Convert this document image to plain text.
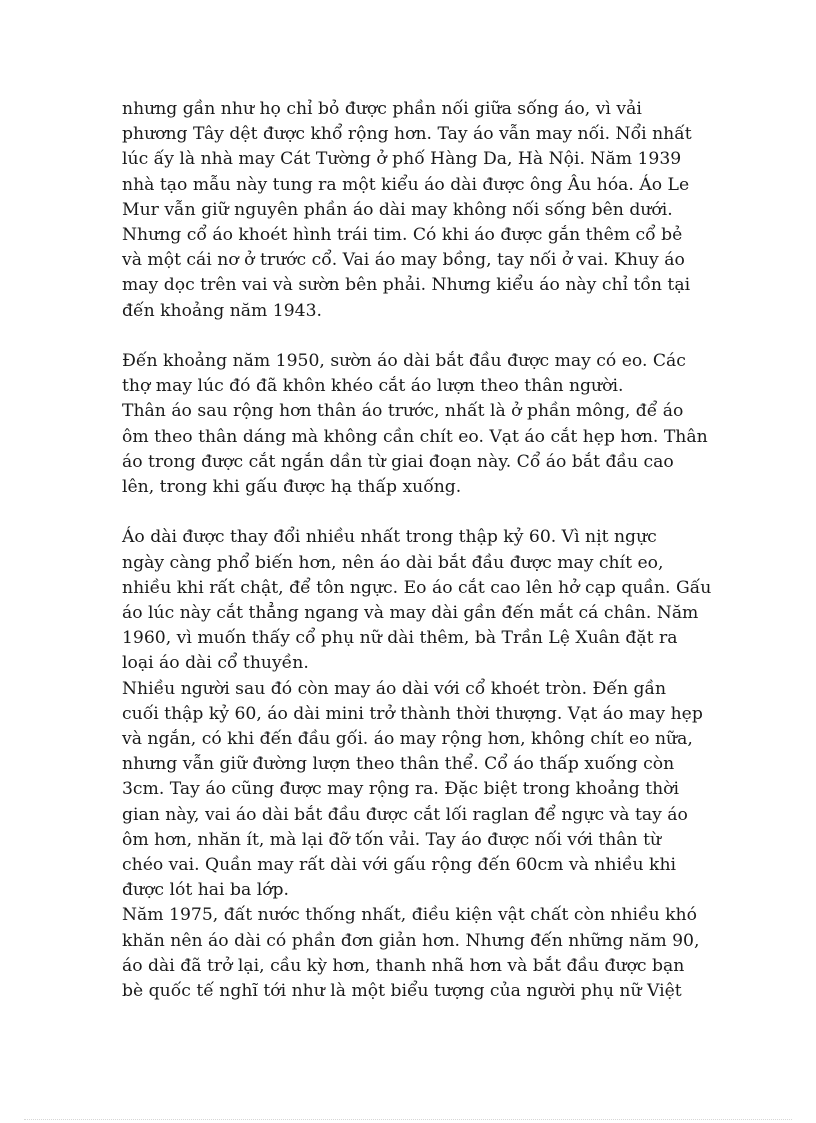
nhưng gần như họ chỉ bỏ được phần nối giữa sống áo, vì vải
phương Tây dệt được khổ rộng hơn. Tay áo vẫn may nối. Nổi nhất
lúc ấy là nhà may Cát Tường ở phố Hàng Da, Hà Nội. Năm 1939
nhà tạo mẫu này tung ra một kiểu áo dài được ông Âu hóa. Áo Le
Mur vẫn giữ nguyên phần áo dài may không nối sống bên dưới.
Nhưng cổ áo khoét hình trái tim. Có khi áo được gắn thêm cổ bẻ
và một cái nơ ở trước cổ. Vai áo may bồng, tay nối ở vai. Khuy áo
may dọc trên vai và sườn bên phải. Nhưng kiểu áo này chỉ tồn tại
đến khoảng năm 1943.

Đến khoảng năm 1950, sườn áo dài bắt đầu được may có eo. Các
thợ may lúc đó đã khôn khéo cắt áo lượn theo thân người.
Thân áo sau rộng hơn thân áo trước, nhất là ở phần mông, để áo
ôm theo thân dáng mà không cần chít eo. Vạt áo cắt hẹp hơn. Thân
áo trong được cắt ngắn dần từ giai đoạn này. Cổ áo bắt đầu cao
lên, trong khi gấu được hạ thấp xuống.

Áo dài được thay đổi nhiều nhất trong thập kỷ 60. Vì nịt ngực
ngày càng phổ biến hơn, nên áo dài bắt đầu được may chít eo,
nhiều khi rất chật, để tôn ngực. Eo áo cắt cao lên hở cạp quần. Gấu
áo lúc này cắt thẳng ngang và may dài gần đến mắt cá chân. Năm
1960, vì muốn thấy cổ phụ nữ dài thêm, bà Trần Lệ Xuân đặt ra
loại áo dài cổ thuyền.

Nhiều người sau đó còn may áo dài với cổ khoét tròn. Đến gần
cuối thập kỷ 60, áo dài mini trở thành thời thượng. Vạt áo may hẹp
và ngắn, có khi đến đầu gối. áo may rộng hơn, không chít eo nữa,
nhưng vẫn giữ đường lượn theo thân thể. Cổ áo thấp xuống còn
3cm. Tay áo cũng được may rộng ra. Đặc biệt trong khoảng thời
gian này, vai áo dài bắt đầu được cắt lối raglan để ngực và tay áo
ôm hơn, nhăn ít, mà lại đỡ tốn vải. Tay áo được nối với thân từ
chéo vai. Quần may rất dài với gấu rộng đến 60cm và nhiều khi
được lót hai ba lớp.

Năm 1975, đất nước thống nhất, điều kiện vật chất còn nhiều khó
khăn nên áo dài có phần đơn giản hơn. Nhưng đến những năm 90,
áo dài đã trở lại, cầu kỳ hơn, thanh nhã hơn và bắt đầu được bạn
bè quốc tế nghĩ tới như là một biểu tượng của người phụ nữ Việt
